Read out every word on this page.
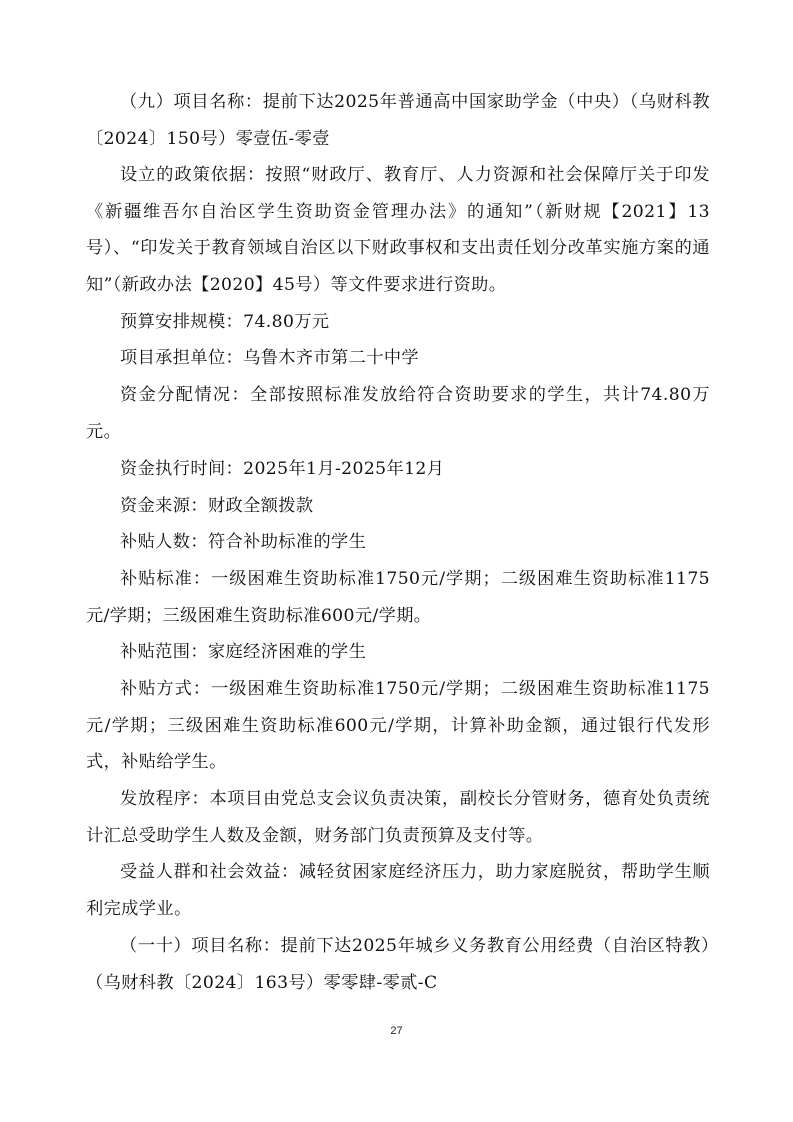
（九）项目名称：提前下达2025年普通高中国家助学金（中央）（乌财科教〔2024〕150号）零壹伍-零壹

设立的政策依据：按照“财政厅、教育厅、人力资源和社会保障厅关于印发《新疆维吾尔自治区学生资助资金管理办法》的通知”（新财规【2021】13号）、“印发关于教育领域自治区以下财政事权和支出责任划分改革实施方案的通知”（新政办法【2020】45号）等文件要求进行资助。

预算安排规模：74.80万元

项目承担单位：乌鲁木齐市第二十中学

资金分配情况：全部按照标准发放给符合资助要求的学生，共计74.80万元。

资金执行时间：2025年1月-2025年12月

资金来源：财政全额拨款

补贴人数：符合补助标准的学生

补贴标准：一级困难生资助标准1750元/学期；二级困难生资助标准1175元/学期；三级困难生资助标准600元/学期。

补贴范围：家庭经济困难的学生

补贴方式：一级困难生资助标准1750元/学期；二级困难生资助标准1175元/学期；三级困难生资助标准600元/学期，计算补助金额，通过银行代发形式，补贴给学生。

发放程序：本项目由党总支会议负责决策，副校长分管财务，德育处负责统计汇总受助学生人数及金额，财务部门负责预算及支付等。

受益人群和社会效益：减轻贫困家庭经济压力，助力家庭脱贫，帮助学生顺利完成学业。

（一十）项目名称：提前下达2025年城乡义务教育公用经费（自治区特教）（乌财科教〔2024〕163号）零零肆-零贰-C

27
